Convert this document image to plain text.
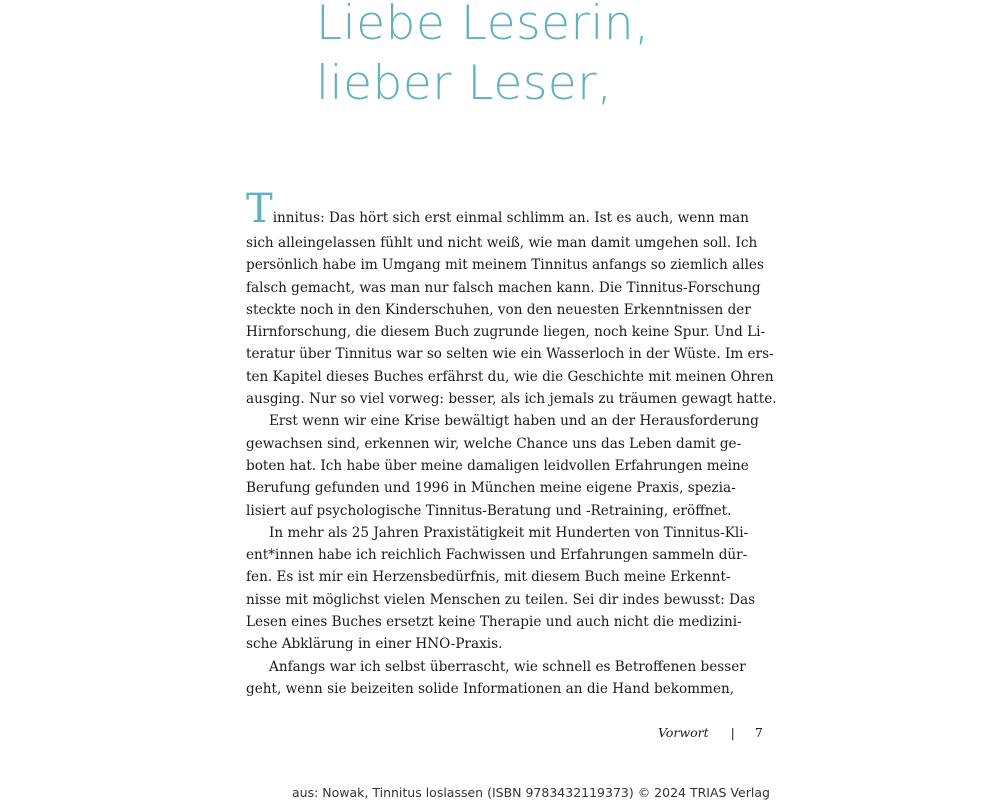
Liebe Leserin,
lieber Leser,
Tinnitus: Das hört sich erst einmal schlimm an. Ist es auch, wenn man
sich alleingelassen fühlt und nicht weiß, wie man damit umgehen soll. Ich
persönlich habe im Umgang mit meinem Tinnitus anfangs so ziemlich alles
falsch gemacht, was man nur falsch machen kann. Die Tinnitus-Forschung
steckte noch in den Kinderschuhen, von den neuesten Erkenntnissen der
Hirnforschung, die diesem Buch zugrunde liegen, noch keine Spur. Und Li-
teratur über Tinnitus war so selten wie ein Wasserloch in der Wüste. Im ers-
ten Kapitel dieses Buches erfährst du, wie die Geschichte mit meinen Ohren
ausging. Nur so viel vorweg: besser, als ich jemals zu träumen gewagt hatte.
Erst wenn wir eine Krise bewältigt haben und an der Herausforderung
gewachsen sind, erkennen wir, welche Chance uns das Leben damit ge-
boten hat. Ich habe über meine damaligen leidvollen Erfahrungen meine
Berufung gefunden und 1996 in München meine eigene Praxis, spezia-
lisiert auf psychologische Tinnitus-Beratung und -Retraining, eröffnet.
In mehr als 25 Jahren Praxistätigkeit mit Hunderten von Tinnitus-Kli-
ent*innen habe ich reichlich Fachwissen und Erfahrungen sammeln dür-
fen. Es ist mir ein Herzensbedürfnis, mit diesem Buch meine Erkennt-
nisse mit möglichst vielen Menschen zu teilen. Sei dir indes bewusst: Das
Lesen eines Buches ersetzt keine Therapie und auch nicht die medizini-
sche Abklärung in einer HNO-Praxis.
Anfangs war ich selbst überrascht, wie schnell es Betroffenen besser
geht, wenn sie beizeiten solide Informationen an die Hand bekommen,
Vorwort | 7
aus: Nowak, Tinnitus loslassen (ISBN 9783432119373) © 2024 TRIAS Verlag
